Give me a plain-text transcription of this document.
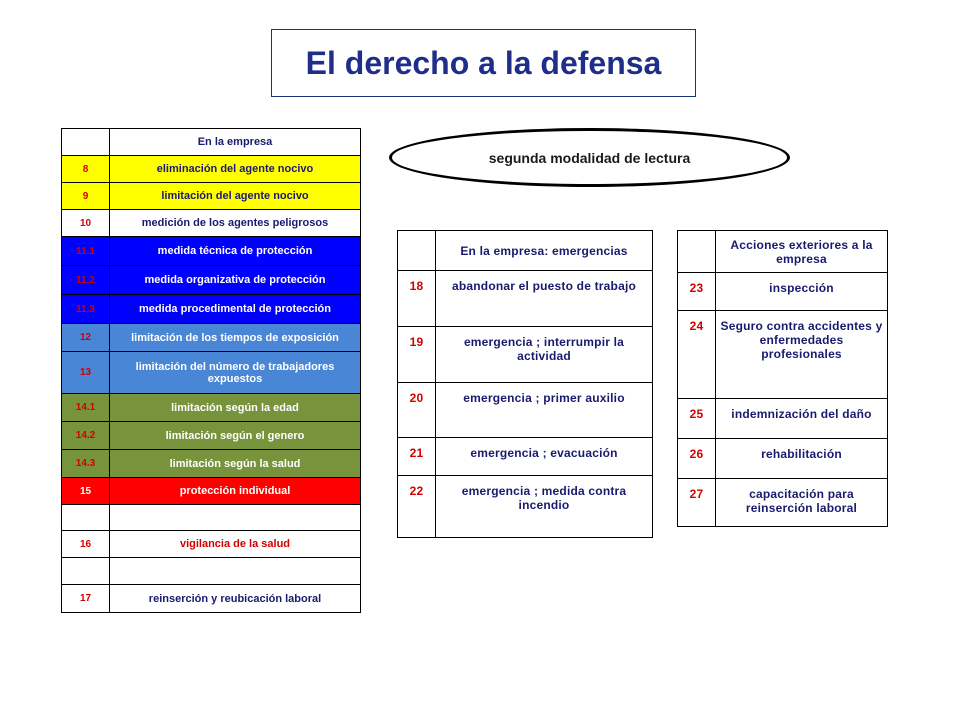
El derecho a la defensa
segunda modalidad de lectura
	En la empresa
8	eliminación del agente nocivo
9	limitación del agente nocivo
10	medición de los agentes peligrosos
11.1	medida técnica de protección
11.2	medida organizativa de protección
11.3	medida procedimental de protección
12	limitación de los tiempos de exposición
13	limitación del número de trabajadores expuestos
14.1	limitación según la edad
14.2	limitación según el genero
14.3	limitación según la salud
15	protección individual

16	vigilancia de la salud

17	reinserción y reubicación laboral
	En la empresa: emergencias
18	abandonar el puesto de trabajo
19	emergencia ; interrumpir la actividad
20	emergencia ; primer auxilio
21	emergencia ; evacuación
22	emergencia ; medida contra incendio
	Acciones exteriores a la empresa
23	inspección
24	Seguro contra accidentes y enfermedades profesionales
25	indemnización del daño
26	rehabilitación
27	capacitación para reinserción laboral
